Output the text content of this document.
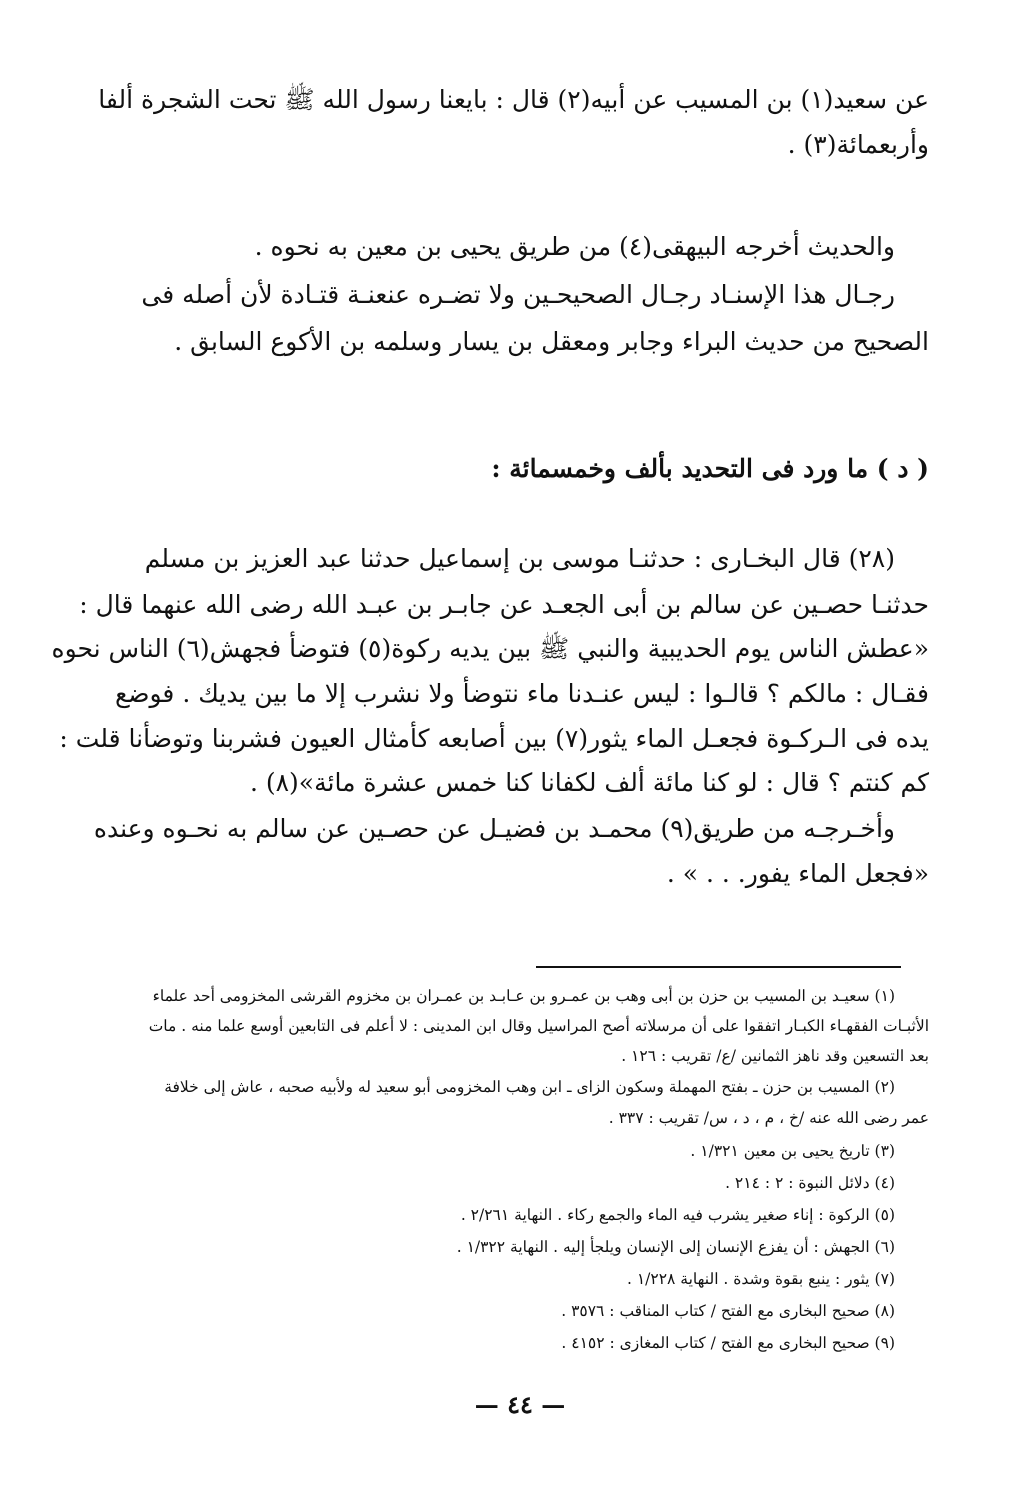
عن سعيد(١) بن المسيب عن أبيه(٢) قال : بايعنا رسول الله ﷺ تحت الشجرة ألفا
وأربعمائة(٣) .
والحديث أخرجه البيهقى(٤) من طريق يحيى بن معين به نحوه .
رجـال هذا الإسنـاد رجـال الصحيحـين ولا تضـره عنعنـة قتـادة لأن أصله فى
الصحيح من حديث البراء وجابر ومعقل بن يسار وسلمه بن الأكوع السابق .
( د ) ما ورد فى التحديد بألف وخمسمائة :
(٢٨) قال البخـارى : حدثنـا موسى بن إسماعيل حدثنا عبد العزيز بن مسلم
حدثنـا حصـين عن سالم بن أبى الجعـد عن جابـر بن عبـد الله رضى الله عنهما قال :
«عطش الناس يوم الحديبية والنبي ﷺ بين يديه ركوة(٥) فتوضأ فجهش(٦) الناس نحوه
فقـال : مالكم ؟ قالـوا : ليس عنـدنا ماء نتوضأ ولا نشرب إلا ما بين يديك . فوضع
يده فى الـركـوة فجعـل الماء يثور(٧) بين أصابعه كأمثال العيون فشربنا وتوضأنا قلت :
كم كنتم ؟ قال : لو كنا مائة ألف لكفانا كنا خمس عشرة مائة»(٨) .
وأخـرجـه من طريق(٩) محمـد بن فضيـل عن حصـين عن سالم به نحـوه وعنده
«فجعل الماء يفور. . . » .
(١) سعيـد بن المسيب بن حزن بن أبى وهب بن عمـرو بن عـابـد بن عمـران بن مخزوم القرشى المخزومى أحد علماء
الأثبـات الفقهـاء الكبـار اتفقوا على أن مرسلاته أصح المراسيل وقال ابن المدينى : لا أعلم فى التابعين أوسع علما منه . مات
بعد التسعين وقد ناهز الثمانين /ع/ تقريب : ١٢٦ .
(٢) المسيب بن حزن ـ بفتح المهملة وسكون الزاى ـ ابن وهب المخزومى أبو سعيد له ولأبيه صحبه ، عاش إلى خلافة
عمر رضى الله عنه /خ ، م ، د ، س/ تقريب : ٣٣٧ .
(٣) تاريخ يحيى بن معين ١/٣٢١ .
(٤) دلائل النبوة : ٢ : ٢١٤ .
(٥) الركوة : إناء صغير يشرب فيه الماء والجمع ركاء . النهاية ٢/٢٦١ .
(٦) الجهش : أن يفزع الإنسان إلى الإنسان ويلجأ إليه . النهاية ١/٣٢٢ .
(٧) يثور : ينبع بقوة وشدة . النهاية ١/٢٢٨ .
(٨) صحيح البخارى مع الفتح / كتاب المناقب : ٣٥٧٦ .
(٩) صحيح البخارى مع الفتح / كتاب المغازى : ٤١٥٢ .
— ٤٤ —
